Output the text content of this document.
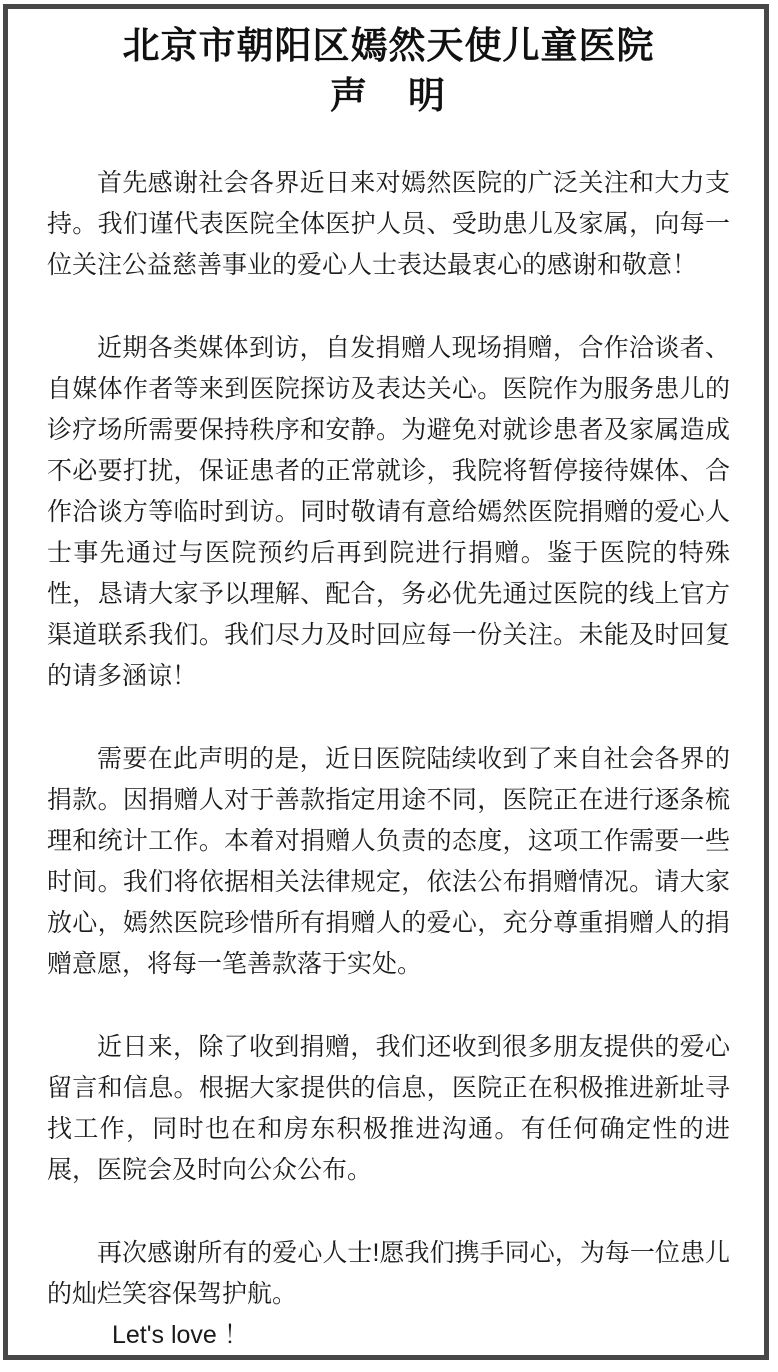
北京市朝阳区嫣然天使儿童医院
声　明

首先感谢社会各界近日来对嫣然医院的广泛关注和大力支持。我们谨代表医院全体医护人员、受助患儿及家属，向每一位关注公益慈善事业的爱心人士表达最衷心的感谢和敬意！

近期各类媒体到访，自发捐赠人现场捐赠，合作洽谈者、自媒体作者等来到医院探访及表达关心。医院作为服务患儿的诊疗场所需要保持秩序和安静。为避免对就诊患者及家属造成不必要打扰，保证患者的正常就诊，我院将暂停接待媒体、合作洽谈方等临时到访。同时敬请有意给嫣然医院捐赠的爱心人士事先通过与医院预约后再到院进行捐赠。鉴于医院的特殊性，恳请大家予以理解、配合，务必优先通过医院的线上官方渠道联系我们。我们尽力及时回应每一份关注。未能及时回复的请多涵谅！

需要在此声明的是，近日医院陆续收到了来自社会各界的捐款。因捐赠人对于善款指定用途不同，医院正在进行逐条梳理和统计工作。本着对捐赠人负责的态度，这项工作需要一些时间。我们将依据相关法律规定，依法公布捐赠情况。请大家放心，嫣然医院珍惜所有捐赠人的爱心，充分尊重捐赠人的捐赠意愿，将每一笔善款落于实处。

近日来，除了收到捐赠，我们还收到很多朋友提供的爱心留言和信息。根据大家提供的信息，医院正在积极推进新址寻找工作，同时也在和房东积极推进沟通。有任何确定性的进展，医院会及时向公众公布。

再次感谢所有的爱心人士!愿我们携手同心，为每一位患儿的灿烂笑容保驾护航。

Let's love ！
